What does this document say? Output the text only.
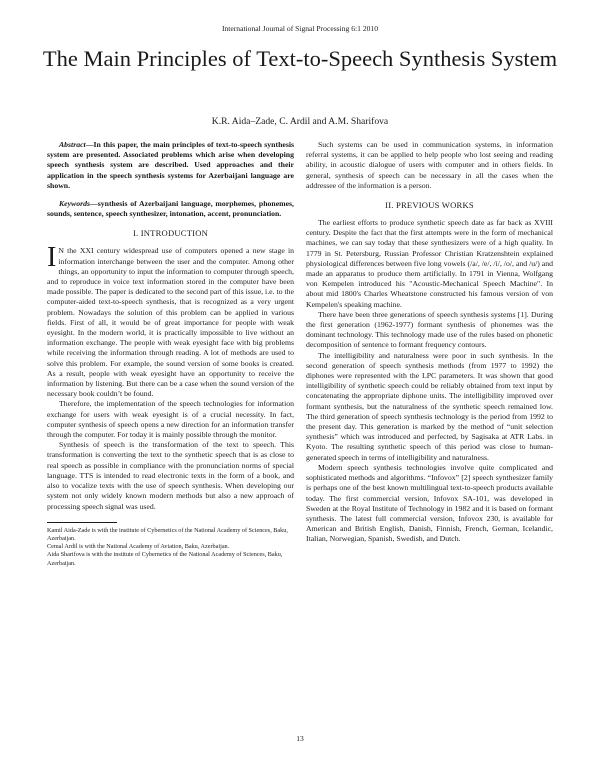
International Journal of Signal Processing 6:1 2010
The Main Principles of Text-to-Speech Synthesis System
K.R. Aida–Zade, C. Ardil and A.M. Sharifova

Abstract—In this paper, the main principles of text-to-speech synthesis system are presented. Associated problems which arise when developing speech synthesis system are described. Used approaches and their application in the speech synthesis systems for Azerbaijani language are shown.

Keywords—synthesis of Azerbaijani language, morphemes, phonemes, sounds, sentence, speech synthesizer, intonation, accent, pronunciation.

I. INTRODUCTION

I N the XXI century widespread use of computers opened a new stage in information interchange between the user and the computer. Among other things, an opportunity to input the information to computer through speech, and to reproduce in voice text information stored in the computer have been made possible. The paper is dedicated to the second part of this issue, i.e. to the computer-aided text-to-speech synthesis, that is recognized as a very urgent problem. Nowadays the solution of this problem can be applied in various fields. First of all, it would be of great importance for people with weak eyesight. In the modern world, it is practically impossible to live without an information exchange. The people with weak eyesight face with big problems while receiving the information through reading. A lot of methods are used to solve this problem. For example, the sound version of some books is created. As a result, people with weak eyesight have an opportunity to receive the information by listening. But there can be a case when the sound version of the necessary book couldn’t be found.

Therefore, the implementation of the speech technologies for information exchange for users with weak eyesight is of a crucial necessity. In fact, computer synthesis of speech opens a new direction for an information transfer through the computer. For today it is mainly possible through the monitor.

Synthesis of speech is the transformation of the text to speech. This transformation is converting the text to the synthetic speech that is as close to real speech as possible in compliance with the pronunciation norms of special language. TTS is intended to read electronic texts in the form of a book, and also to vocalize texts with the use of speech synthesis. When developing our system not only widely known modern methods but also a new approach of processing speech signal was used.

Kamil Aida-Zade is with the institute of Cybernetics of the National Academy of Sciences, Baku, Azerbaijan.
Cemal Ardil is with the National Academy of Aviation, Baku, Azerbaijan.
Aida Sharifova is with the institute of Cybernetics of the National Academy of Sciences, Baku, Azerbaijan.

Such systems can be used in communication systems, in information referral systems, it can be applied to help people who lost seeing and reading ability, in acoustic dialogue of users with computer and in others fields. In general, synthesis of speech can be necessary in all the cases when the addressee of the information is a person.

II. PREVIOUS WORKS

The earliest efforts to produce synthetic speech date as far back as XVIII century. Despite the fact that the first attempts were in the form of mechanical machines, we can say today that these synthesizers were of a high quality. In 1779 in St. Petersburg, Russian Professor Christian Kratzenshtein explained physiological differences between five long vowels (/a/, /e/, /i/, /o/, and /u/) and made an apparatus to produce them artificially. In 1791 in Vienna, Wolfgang von Kempelen introduced his "Acoustic-Mechanical Speech Machine". In about mid 1800's Charles Wheatstone constructed his famous version of von Kempelen's speaking machine.

There have been three generations of speech synthesis systems [1]. During the first generation (1962-1977) formant synthesis of phonemes was the dominant technology. This technology made use of the rules based on phonetic decomposition of sentence to formant frequency contours.

The intelligibility and naturalness were poor in such synthesis. In the second generation of speech synthesis methods (from 1977 to 1992) the diphones were represented with the LPC parameters. It was shown that good intelligibility of synthetic speech could be reliably obtained from text input by concatenating the appropriate diphone units. The intelligibility improved over formant synthesis, but the naturalness of the synthetic speech remained low. The third generation of speech synthesis technology is the period from 1992 to the present day. This generation is marked by the method of “unit selection synthesis” which was introduced and perfected, by Sagisaka at ATR Labs. in Kyoto. The resulting synthetic speech of this period was close to human-generated speech in terms of intelligibility and naturalness.

Modern speech synthesis technologies involve quite complicated and sophisticated methods and algorithms. “Infovox” [2] speech synthesizer family is perhaps one of the best known multilingual text-to-speech products available today. The first commercial version, Infovox SA-101, was developed in Sweden at the Royal Institute of Technology in 1982 and it is based on formant synthesis. The latest full commercial version, Infovox 230, is available for American and British English, Danish, Finnish, French, German, Icelandic, Italian, Norwegian, Spanish, Swedish, and Dutch.

13
